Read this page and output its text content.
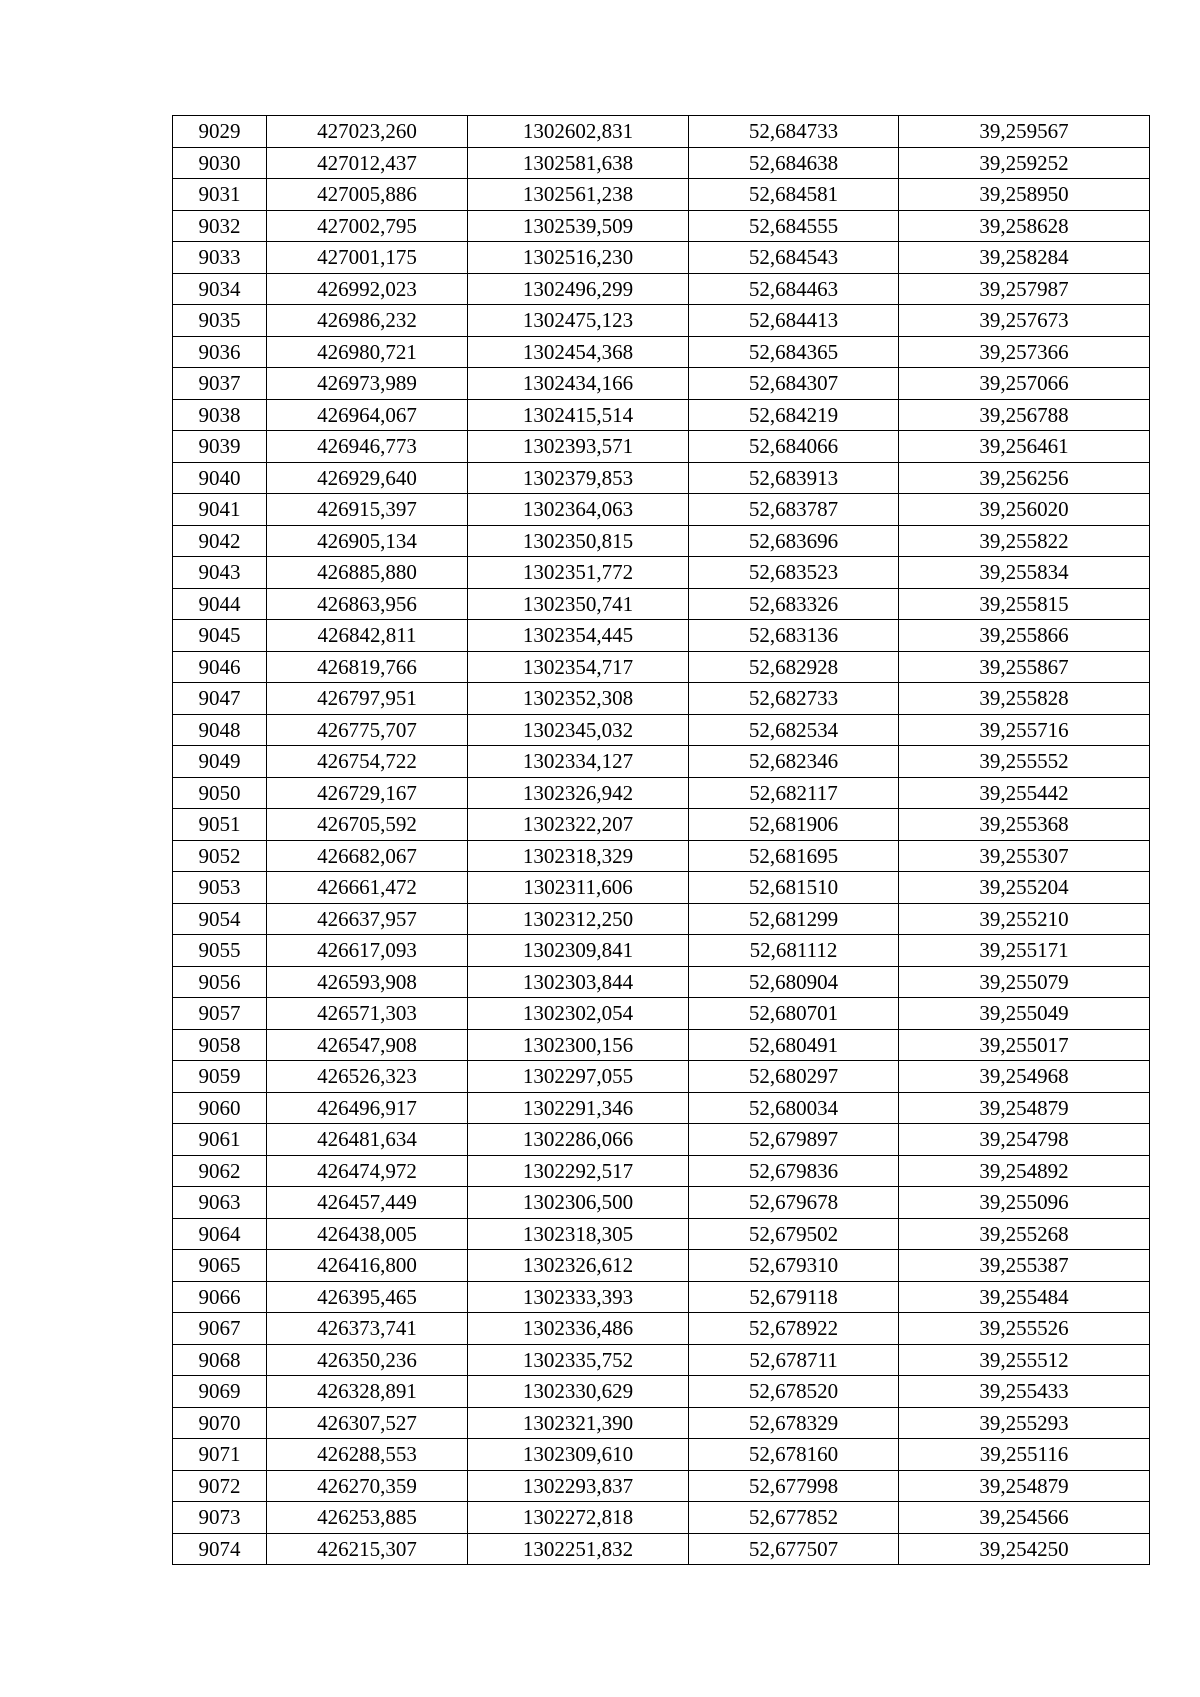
9029	427023,260	1302602,831	52,684733	39,259567
9030	427012,437	1302581,638	52,684638	39,259252
9031	427005,886	1302561,238	52,684581	39,258950
9032	427002,795	1302539,509	52,684555	39,258628
9033	427001,175	1302516,230	52,684543	39,258284
9034	426992,023	1302496,299	52,684463	39,257987
9035	426986,232	1302475,123	52,684413	39,257673
9036	426980,721	1302454,368	52,684365	39,257366
9037	426973,989	1302434,166	52,684307	39,257066
9038	426964,067	1302415,514	52,684219	39,256788
9039	426946,773	1302393,571	52,684066	39,256461
9040	426929,640	1302379,853	52,683913	39,256256
9041	426915,397	1302364,063	52,683787	39,256020
9042	426905,134	1302350,815	52,683696	39,255822
9043	426885,880	1302351,772	52,683523	39,255834
9044	426863,956	1302350,741	52,683326	39,255815
9045	426842,811	1302354,445	52,683136	39,255866
9046	426819,766	1302354,717	52,682928	39,255867
9047	426797,951	1302352,308	52,682733	39,255828
9048	426775,707	1302345,032	52,682534	39,255716
9049	426754,722	1302334,127	52,682346	39,255552
9050	426729,167	1302326,942	52,682117	39,255442
9051	426705,592	1302322,207	52,681906	39,255368
9052	426682,067	1302318,329	52,681695	39,255307
9053	426661,472	1302311,606	52,681510	39,255204
9054	426637,957	1302312,250	52,681299	39,255210
9055	426617,093	1302309,841	52,681112	39,255171
9056	426593,908	1302303,844	52,680904	39,255079
9057	426571,303	1302302,054	52,680701	39,255049
9058	426547,908	1302300,156	52,680491	39,255017
9059	426526,323	1302297,055	52,680297	39,254968
9060	426496,917	1302291,346	52,680034	39,254879
9061	426481,634	1302286,066	52,679897	39,254798
9062	426474,972	1302292,517	52,679836	39,254892
9063	426457,449	1302306,500	52,679678	39,255096
9064	426438,005	1302318,305	52,679502	39,255268
9065	426416,800	1302326,612	52,679310	39,255387
9066	426395,465	1302333,393	52,679118	39,255484
9067	426373,741	1302336,486	52,678922	39,255526
9068	426350,236	1302335,752	52,678711	39,255512
9069	426328,891	1302330,629	52,678520	39,255433
9070	426307,527	1302321,390	52,678329	39,255293
9071	426288,553	1302309,610	52,678160	39,255116
9072	426270,359	1302293,837	52,677998	39,254879
9073	426253,885	1302272,818	52,677852	39,254566
9074	426215,307	1302251,832	52,677507	39,254250
